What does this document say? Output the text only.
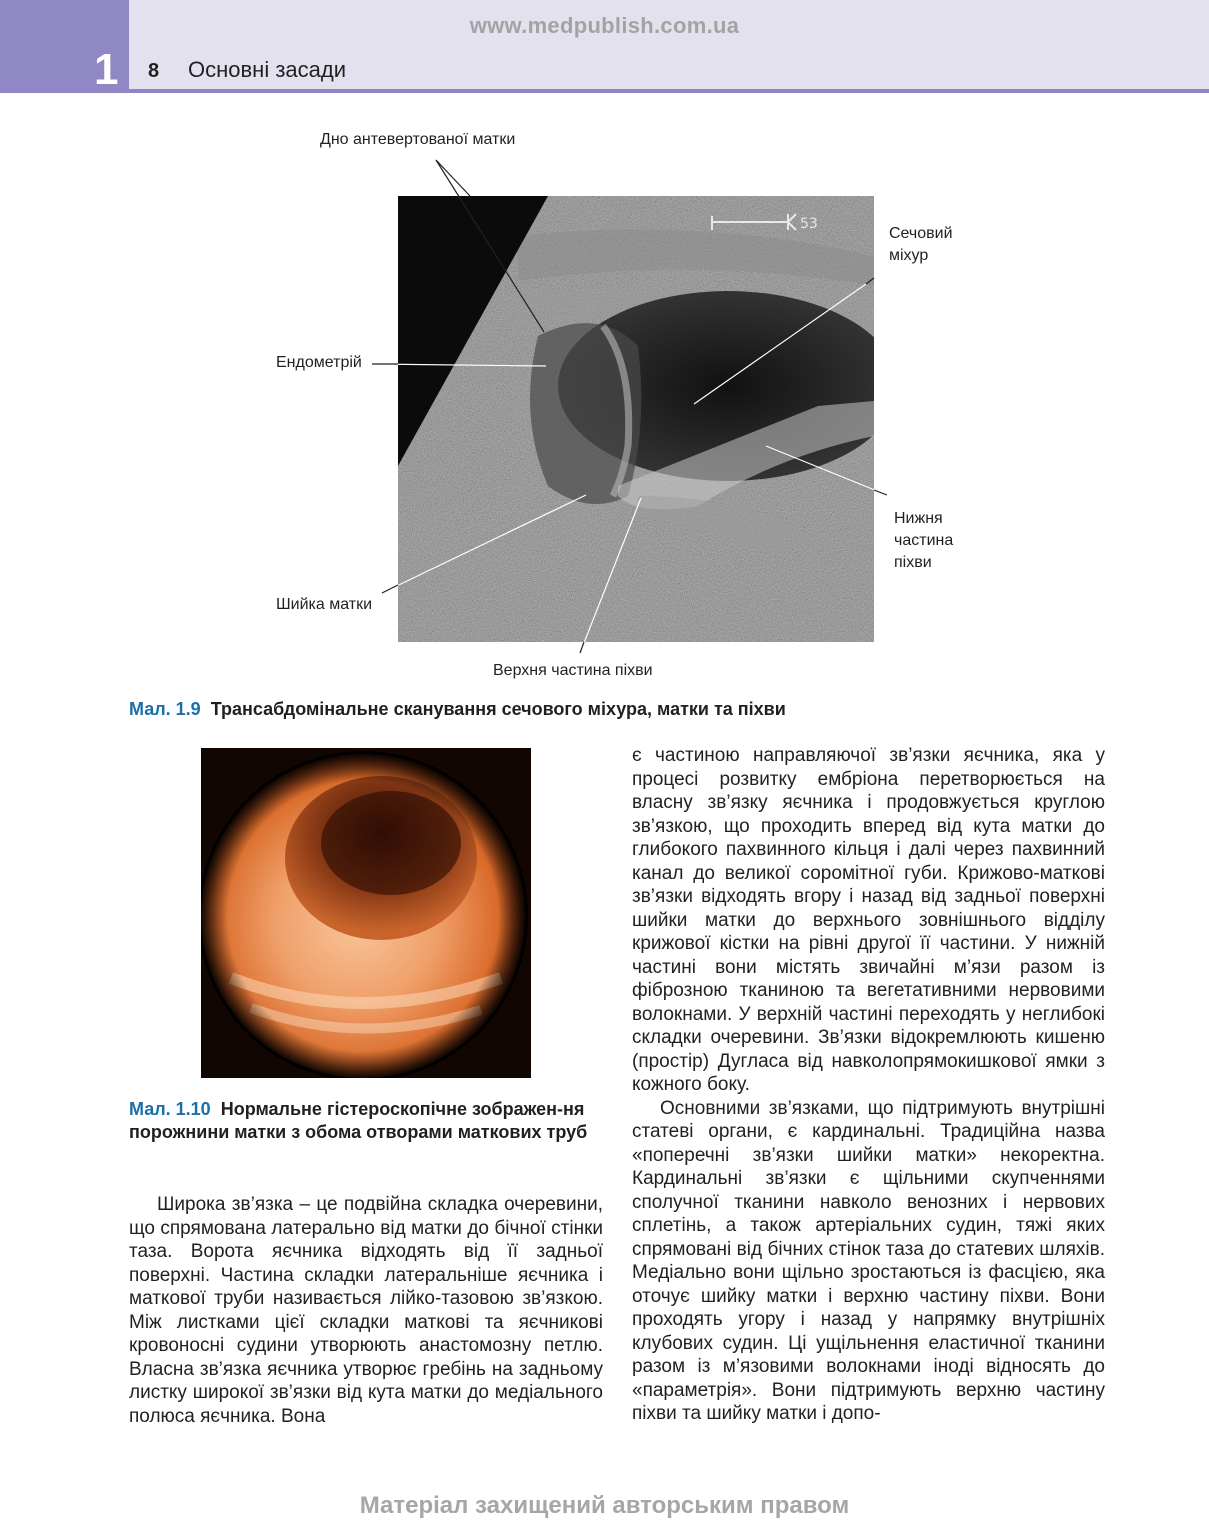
1
www.medpublish.com.ua
8 Основні засади
53
Дно антевертованої матки
Сечовий
міхур
Ендометрій
Нижня
частина
піхви
Шийка матки
Верхня частина піхви
Мал. 1.9 Трансабдомінальне сканування сечового міхура, матки та піхви
Мал. 1.10 Нормальне гістероскопічне зображен-ня порожнини матки з обома отворами маткових труб

Широка зв’язка – це подвійна складка очеревини, що спрямована латерально від матки до бічної стінки таза. Ворота яєчника відходять від її задньої поверхні. Частина складки латеральніше яєчника і маткової труби називається лійко-тазовою зв’язкою. Між листками цієї складки маткові та яєчникові кровоносні судини утворюють анастомозну петлю. Власна зв’язка яєчника утворює гребінь на задньому листку широкої зв’язки від кута матки до медіального полюса яєчника. Вона

є частиною направляючої зв’язки яєчника, яка у процесі розвитку ембріона перетворюється на власну зв’язку яєчника і продовжується круглою зв’язкою, що проходить вперед від кута матки до глибокого пахвинного кільця і далі через пахвинний канал до великої соромітної губи. Крижово-маткові зв’язки відходять вгору і назад від задньої поверхні шийки матки до верхнього зовнішнього відділу крижової кістки на рівні другої її частини. У нижній частині вони містять звичайні м’язи разом із фіброзною тканиною та вегетативними нервовими волокнами. У верхній частині переходять у неглибокі складки очеревини. Зв’язки відокремлюють кишеню (простір) Дугласа від навколопрямокишкової ямки з кожного боку.

Основними зв’язками, що підтримують внутрішні статеві органи, є кардинальні. Традиційна назва «поперечні зв’язки шийки матки» некоректна. Кардинальні зв’язки є щільними скупченнями сполучної тканини навколо венозних і нервових сплетінь, а також артеріальних судин, тяжі яких спрямовані від бічних стінок таза до статевих шляхів. Медіально вони щільно зростаються із фасцією, яка оточує шийку матки і верхню частину піхви. Вони проходять угору і назад у напрямку внутрішніх клубових судин. Ці ущільнення еластичної тканини разом із м’язовими волокнами іноді відносять до «параметрія». Вони підтримують верхню частину піхви та шийку матки і допо-

Матеріал захищений авторським правом
